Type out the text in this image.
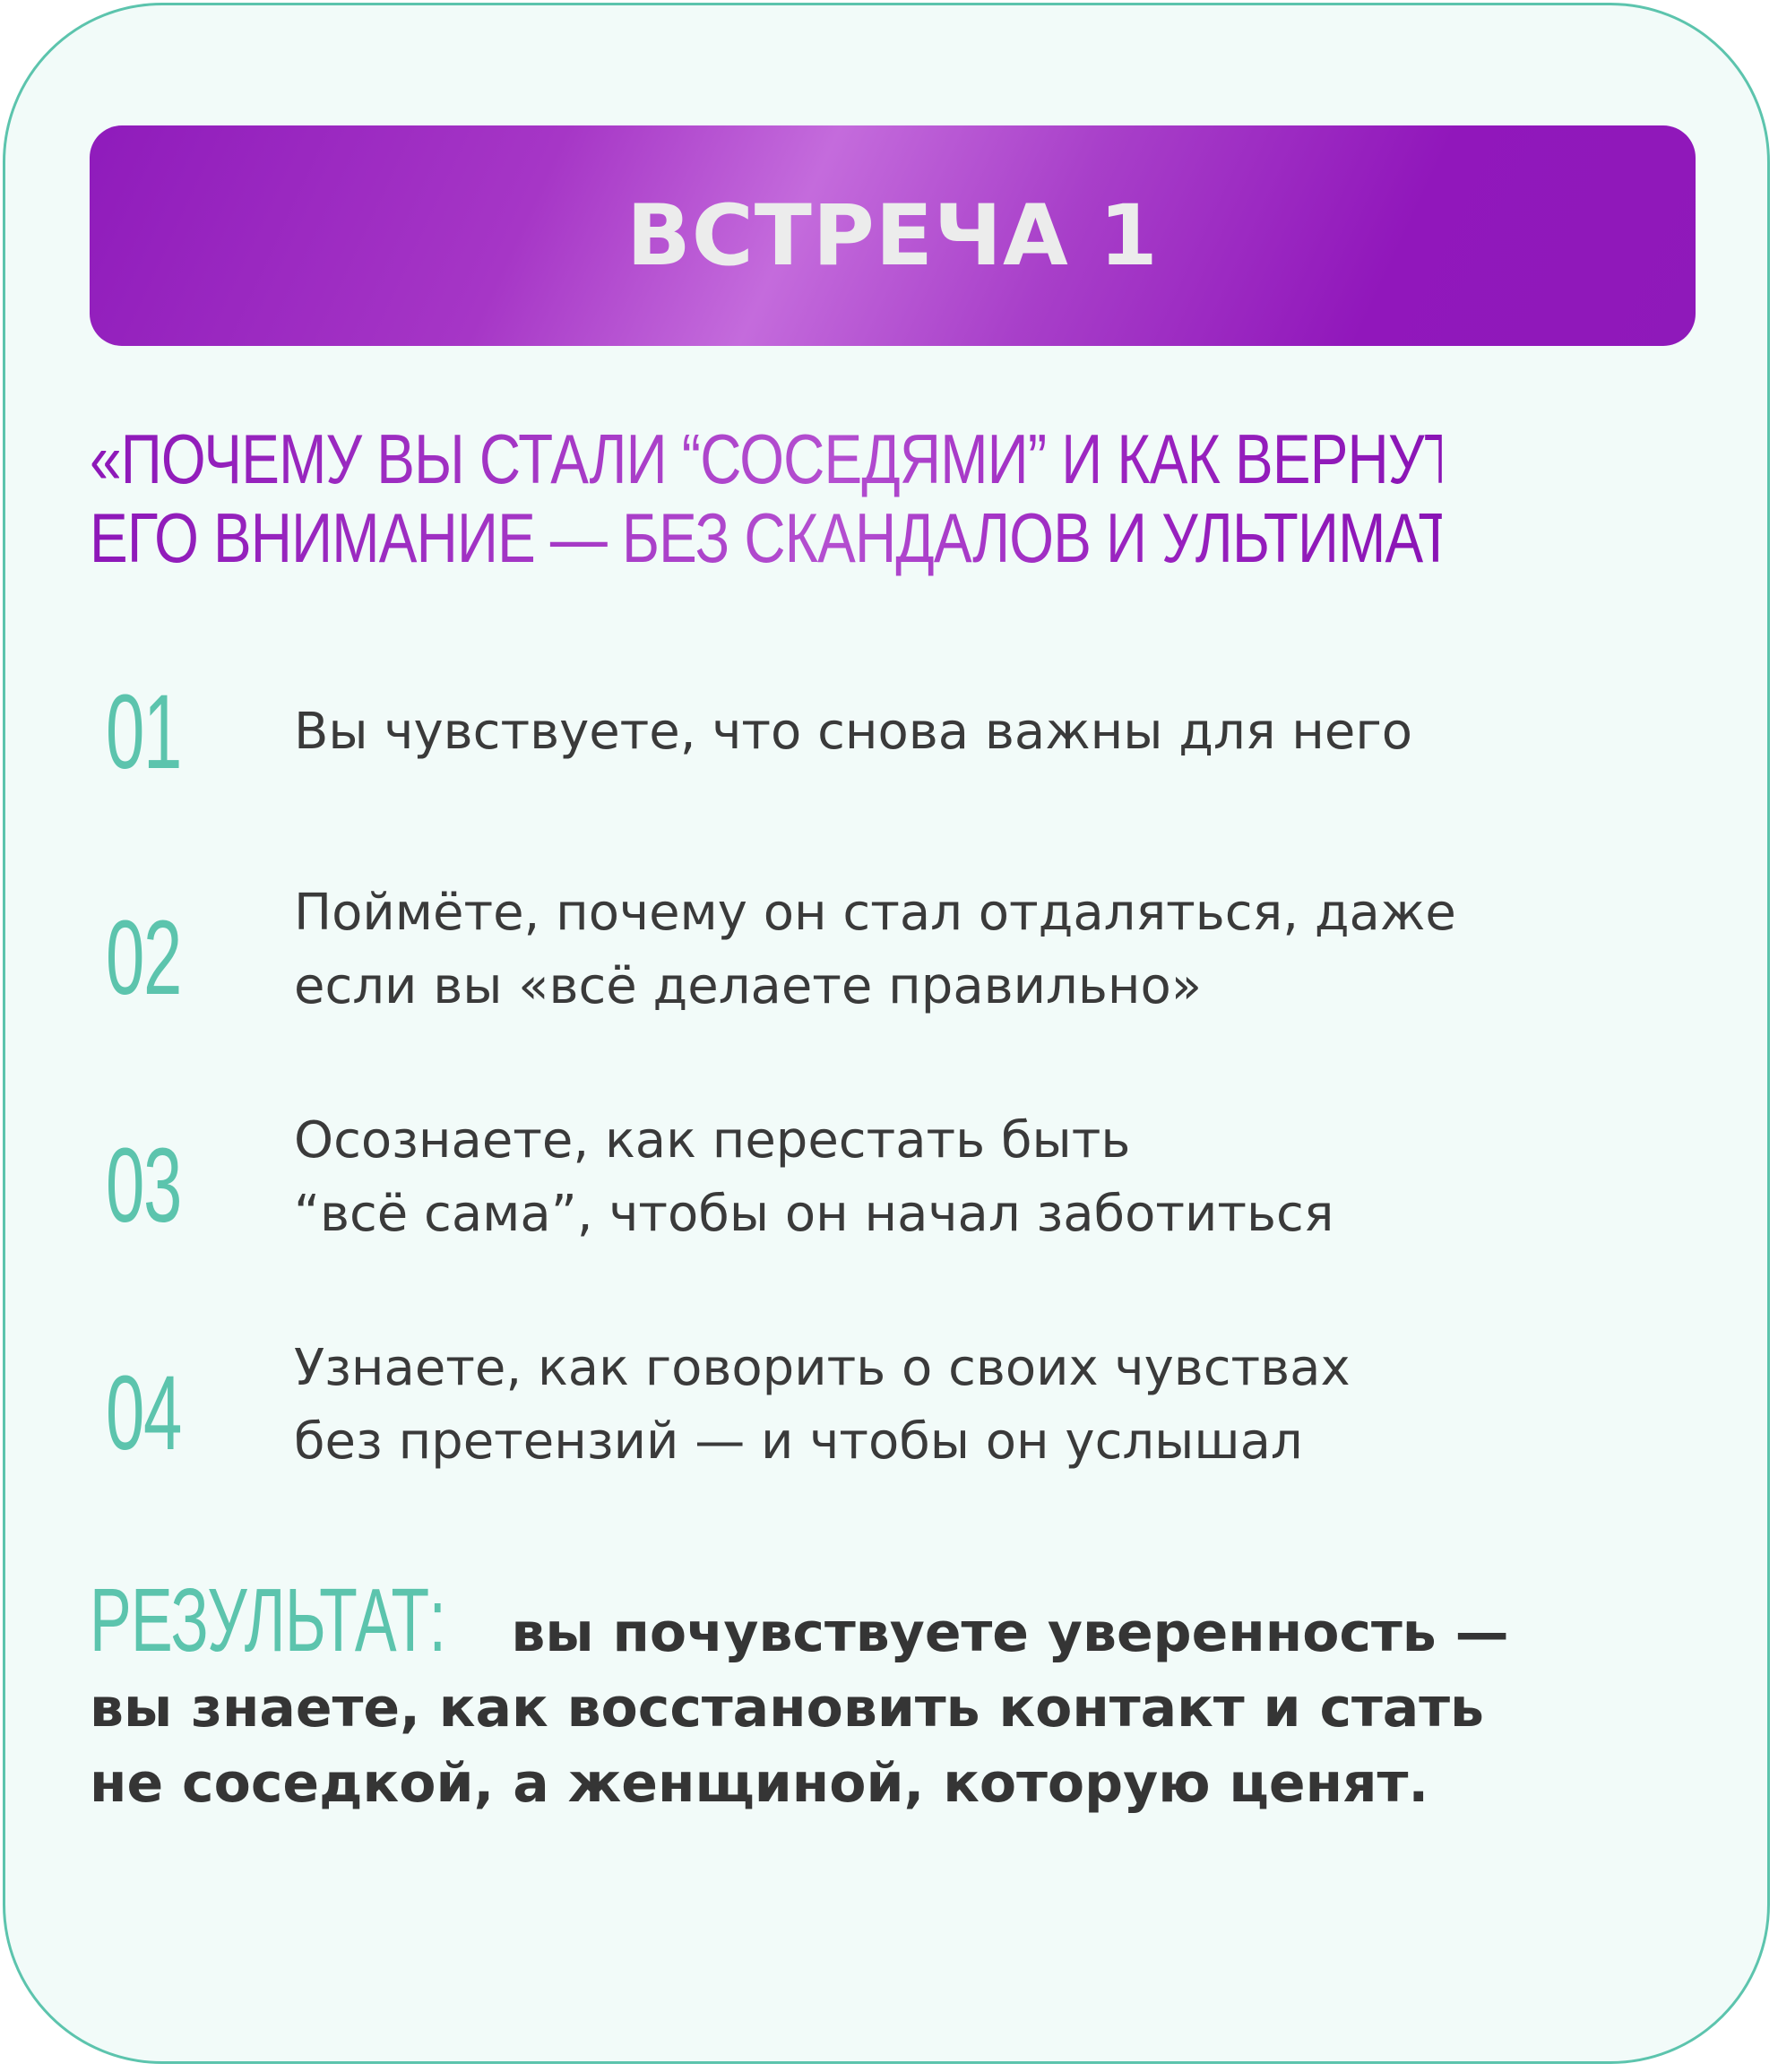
ВСТРЕЧА 1
«ПОЧЕМУ ВЫ СТАЛИ “СОСЕДЯМИ” И КАК ВЕРНУТЬ
ЕГО ВНИМАНИЕ — БЕЗ СКАНДАЛОВ И УЛЬТИМАТУМОВ»
01 Вы чувствуете, что снова важны для него
02 Поймёте, почему он стал отдаляться, даже
если вы «всё делаете правильно»
03 Осознаете, как перестать быть
“всё сама”, чтобы он начал заботиться
04 Узнаете, как говорить о своих чувствах
без претензий — и чтобы он услышал
РЕЗУЛЬТАТ: вы почувствуете уверенность —
вы знаете, как восстановить контакт и стать
не соседкой, а женщиной, которую ценят.
